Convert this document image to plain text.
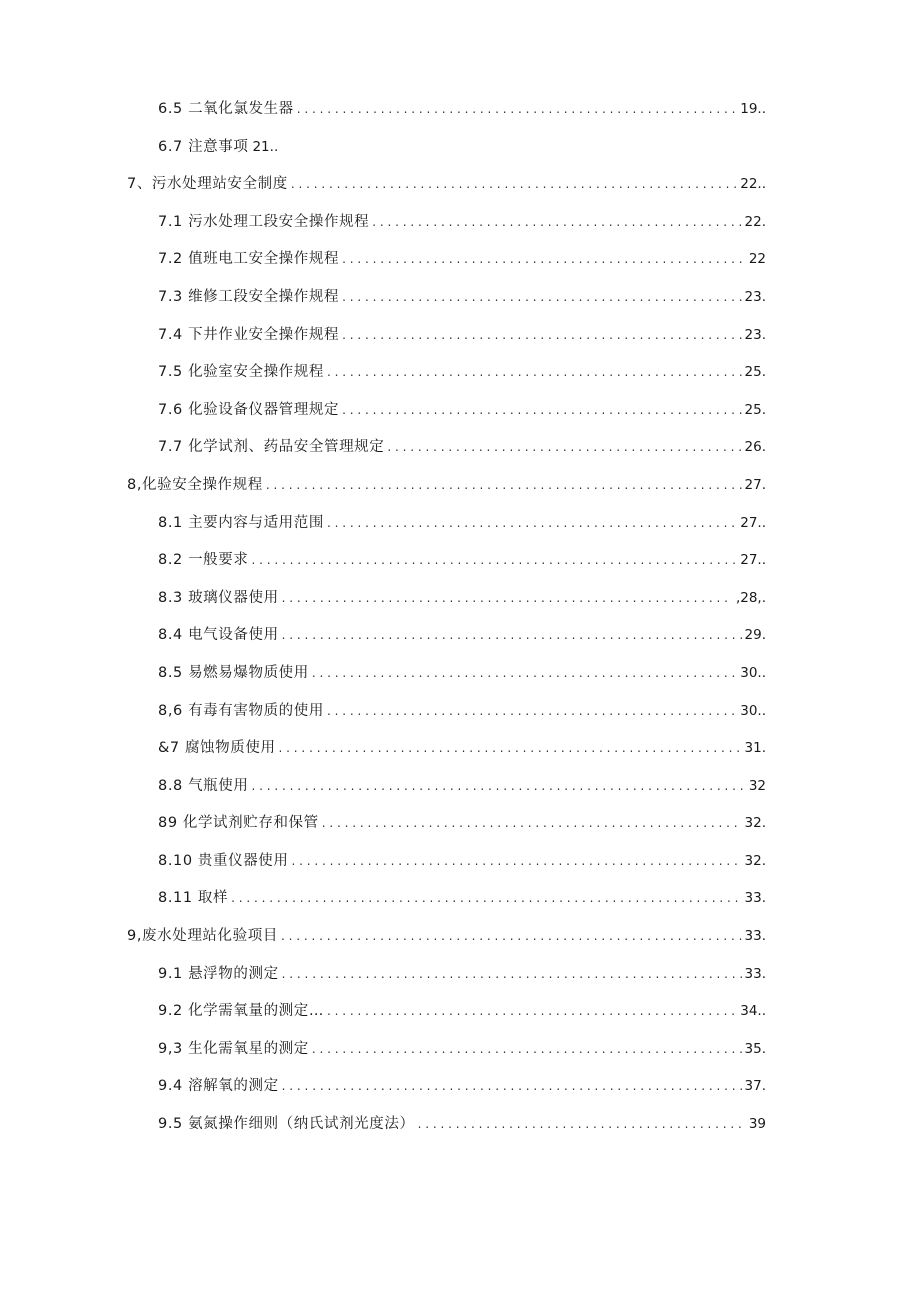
6.5 二氧化氯发生器 . . .	19..
6.7 注意事项 21..
7、污水处理站安全制度 . . .	22..
7.1 污水处理工段安全操作规程 . . .	22.
7.2 值班电工安全操作规程 . . .	22
7.3 维修工段安全操作规程 . . .	23.
7.4 下井作业安全操作规程 . . .	23.
7.5 化验室安全操作规程 . . .	25.
7.6 化验设备仪器管理规定 . . .	25.
7.7 化学试剂、药品安全管理规定 . . .	26.
8,化验安全操作规程 . . .	27.
8.1 主要内容与适用范围 . . .	27..
8.2 一般要求 . . .	27..
8.3 玻璃仪器使用 . . .	,28,.
8.4 电气设备使用 . . .	29.
8.5 易燃易爆物质使用 . . .	30..
8,6 有毒有害物质的使用 . . .	30..
&7 腐蚀物质使用 . . .	31.
8.8 气瓶使用 . . .	32
89 化学试剂贮存和保管 . . .	32.
8.10 贵重仪器使用 . . .	32.
8.11 取样 . . .	33.
9,废水处理站化验项目 . . .	33.
9.1 悬浮物的测定 . . .	33.
9.2 化学需氧量的测定… . . .	34..
9,3 生化需氧星的测定 . . .	35.
9.4 溶解氧的测定 . . .	37.
9.5 氨氮操作细则（纳氏试剂光度法） . . .	39
